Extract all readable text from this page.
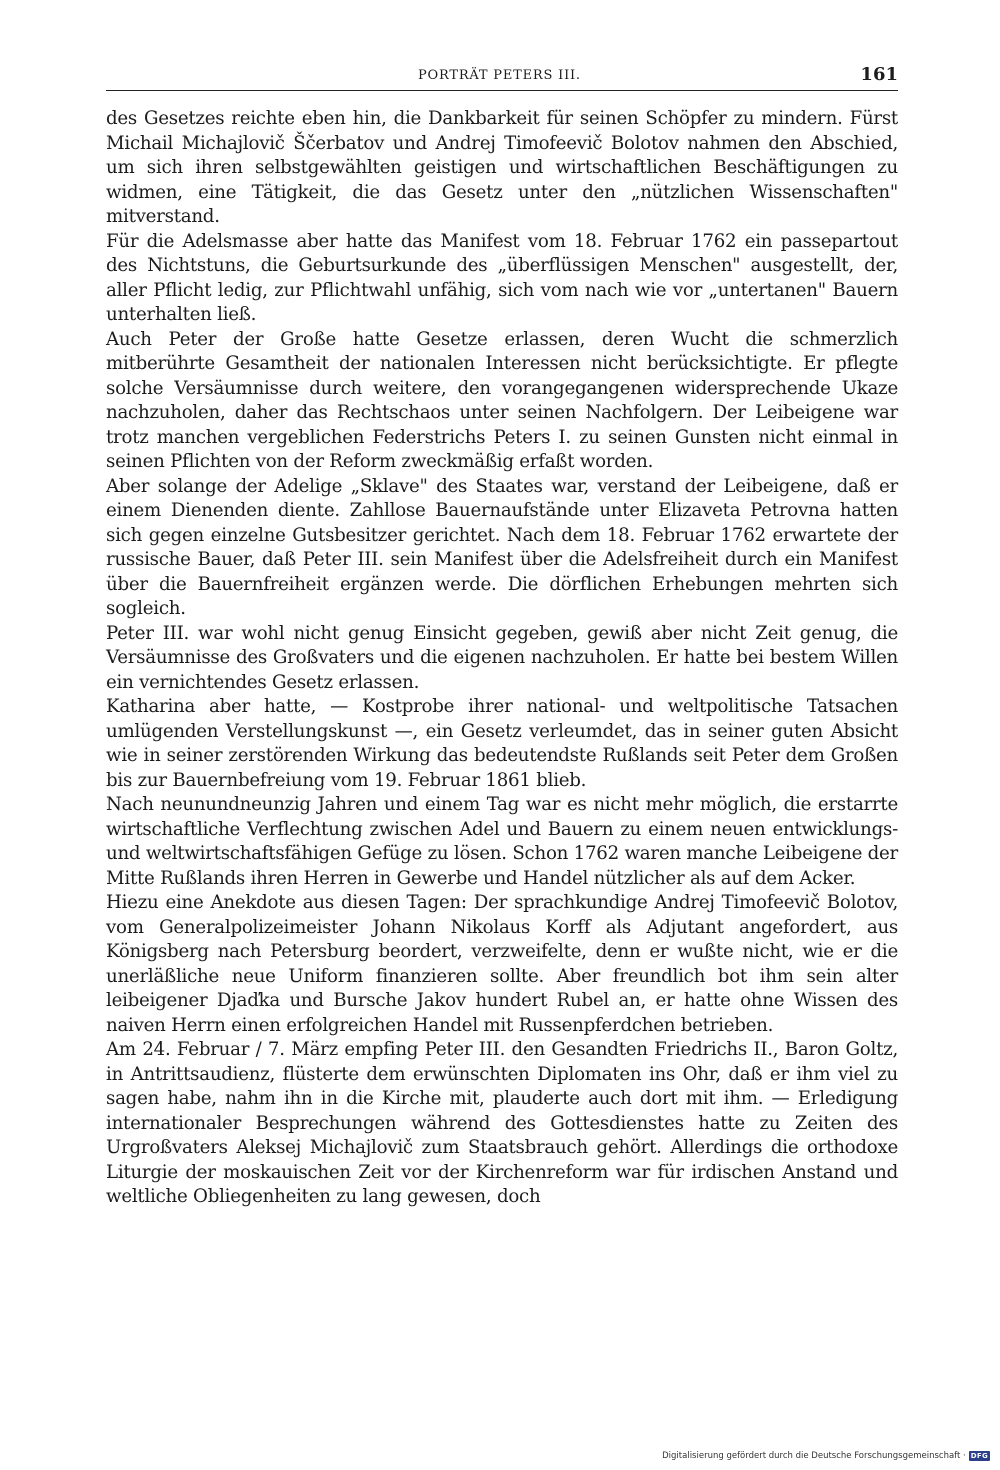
PORTRÄT PETERS III.	161

des Gesetzes reichte eben hin, die Dankbarkeit für seinen Schöpfer zu mindern. Fürst Michail Michajlovič Ščerbatov und Andrej Timofeevič Bolotov nahmen den Abschied, um sich ihren selbstgewählten geistigen und wirtschaftlichen Beschäftigungen zu widmen, eine Tätigkeit, die das Gesetz unter den „nützlichen Wissenschaften" mitverstand.

Für die Adelsmasse aber hatte das Manifest vom 18. Februar 1762 ein passepartout des Nichtstuns, die Geburtsurkunde des „überflüssigen Menschen" ausgestellt, der, aller Pflicht ledig, zur Pflichtwahl unfähig, sich vom nach wie vor „untertanen" Bauern unterhalten ließ.

Auch Peter der Große hatte Gesetze erlassen, deren Wucht die schmerzlich mitberührte Gesamtheit der nationalen Interessen nicht berücksichtigte. Er pflegte solche Versäumnisse durch weitere, den vorangegangenen widersprechende Ukaze nachzuholen, daher das Rechtschaos unter seinen Nachfolgern. Der Leibeigene war trotz manchen vergeblichen Federstrichs Peters I. zu seinen Gunsten nicht einmal in seinen Pflichten von der Reform zweckmäßig erfaßt worden.

Aber solange der Adelige „Sklave" des Staates war, verstand der Leibeigene, daß er einem Dienenden diente. Zahllose Bauernaufstände unter Elizaveta Petrovna hatten sich gegen einzelne Gutsbesitzer gerichtet. Nach dem 18. Februar 1762 erwartete der russische Bauer, daß Peter III. sein Manifest über die Adelsfreiheit durch ein Manifest über die Bauernfreiheit ergänzen werde. Die dörflichen Erhebungen mehrten sich sogleich.

Peter III. war wohl nicht genug Einsicht gegeben, gewiß aber nicht Zeit genug, die Versäumnisse des Großvaters und die eigenen nachzuholen. Er hatte bei bestem Willen ein vernichtendes Gesetz erlassen.

Katharina aber hatte, — Kostprobe ihrer national- und weltpolitische Tatsachen umlügenden Verstellungskunst —, ein Gesetz verleumdet, das in seiner guten Absicht wie in seiner zerstörenden Wirkung das bedeutendste Rußlands seit Peter dem Großen bis zur Bauernbefreiung vom 19. Februar 1861 blieb.

Nach neunundneunzig Jahren und einem Tag war es nicht mehr möglich, die erstarrte wirtschaftliche Verflechtung zwischen Adel und Bauern zu einem neuen entwicklungs- und weltwirtschaftsfähigen Gefüge zu lösen. Schon 1762 waren manche Leibeigene der Mitte Rußlands ihren Herren in Gewerbe und Handel nützlicher als auf dem Acker.

Hiezu eine Anekdote aus diesen Tagen: Der sprachkundige Andrej Timofeevič Bolotov, vom Generalpolizeimeister Johann Nikolaus Korff als Adjutant angefordert, aus Königsberg nach Petersburg beordert, verzweifelte, denn er wußte nicht, wie er die unerläßliche neue Uniform finanzieren sollte. Aber freundlich bot ihm sein alter leibeigener Djaďka und Bursche Jakov hundert Rubel an, er hatte ohne Wissen des naiven Herrn einen erfolgreichen Handel mit Russenpferdchen betrieben.

Am 24. Februar / 7. März empfing Peter III. den Gesandten Friedrichs II., Baron Goltz, in Antrittsaudienz, flüsterte dem erwünschten Diplomaten ins Ohr, daß er ihm viel zu sagen habe, nahm ihn in die Kirche mit, plauderte auch dort mit ihm. — Erledigung internationaler Besprechungen während des Gottesdienstes hatte zu Zeiten des Urgroßvaters Aleksej Michajlovič zum Staatsbrauch gehört. Allerdings die orthodoxe Liturgie der moskauischen Zeit vor der Kirchenreform war für irdischen Anstand und weltliche Obliegenheiten zu lang gewesen, doch

Digitalisierung gefördert durch die Deutsche Forschungsgemeinschaft · DFG
